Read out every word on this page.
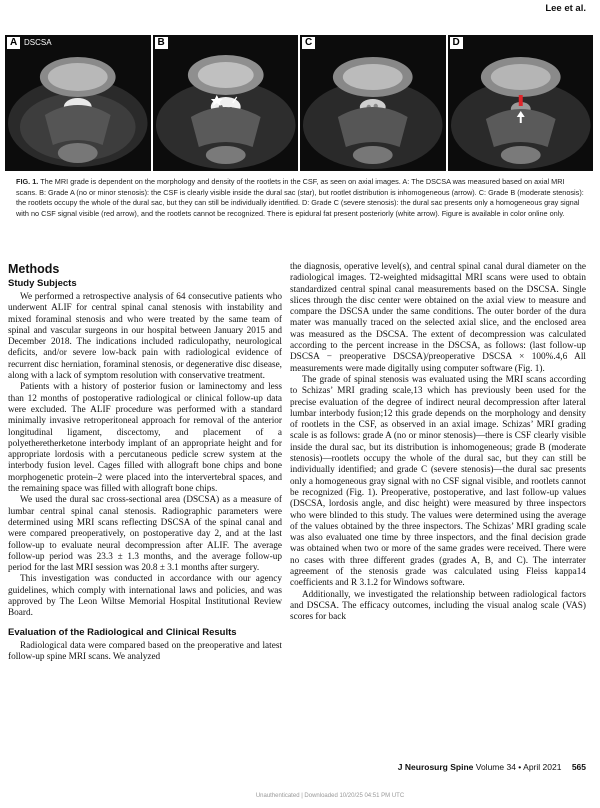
Lee et al.
A DSCSA	B	C	D
FIG. 1. The MRI grade is dependent on the morphology and density of the rootlets in the CSF, as seen on axial images. A: The DSCSA was measured based on axial MRI scans. B: Grade A (no or minor stenosis): the CSF is clearly visible inside the dural sac (star), but rootlet distribution is inhomogeneous (arrow). C: Grade B (moderate stenosis): the rootlets occupy the whole of the dural sac, but they can still be individually identified. D: Grade C (severe stenosis): the dural sac presents only a homogeneous gray signal with no CSF signal visible (red arrow), and the rootlets cannot be recognized. There is epidural fat present posteriorly (white arrow). Figure is available in color online only.
Methods
Study Subjects

We performed a retrospective analysis of 64 consecutive patients who underwent ALIF for central spinal canal stenosis with instability and mixed foraminal stenosis and who were treated by the same team of spinal and vascular surgeons in our hospital between January 2015 and December 2018. The indications included radiculopathy, neurological deficits, and/or severe low-back pain with radiological evidence of recurrent disc herniation, foraminal stenosis, or degenerative disc disease, along with a lack of symptom resolution with conservative treatment.

Patients with a history of posterior fusion or laminectomy and less than 12 months of postoperative radiological or clinical follow-up data were excluded. The ALIF procedure was performed with a standard minimally invasive retroperitoneal approach for removal of the anterior longitudinal ligament, discectomy, and placement of a polyetheretherketone interbody implant of an appropriate height and for appropriate lordosis with a percutaneous pedicle screw system at the interbody fusion level. Cages filled with allograft bone chips and bone morphogenetic protein–2 were placed into the intervertebral spaces, and the remaining space was filled with allograft bone chips.

We used the dural sac cross-sectional area (DSCSA) as a measure of lumbar central spinal canal stenosis. Radiographic parameters were determined using MRI scans reflecting DSCSA of the spinal canal and were compared preoperatively, on postoperative day 2, and at the last follow-up to evaluate neural decompression after ALIF. The average follow-up period was 23.3 ± 1.3 months, and the average follow-up period for the last MRI session was 20.8 ± 3.1 months after surgery.

This investigation was conducted in accordance with our agency guidelines, which comply with international laws and policies, and was approved by The Leon Wiltse Memorial Hospital Institutional Review Board.

Evaluation of the Radiological and Clinical Results

Radiological data were compared based on the preoperative and latest follow-up spine MRI scans. We analyzed

the diagnosis, operative level(s), and central spinal canal dural diameter on the radiological images. T2-weighted midsagittal MRI scans were used to obtain standardized central spinal canal measurements based on the DSCSA. Single slices through the disc center were obtained on the axial view to measure and compare the DSCSA under the same conditions. The outer border of the dura mater was manually traced on the selected axial slice, and the enclosed area was measured as the DSCSA. The extent of decompression was calculated according to the percent increase in the DSCSA, as follows: (last follow-up DSCSA − preoperative DSCSA)/preoperative DSCSA × 100%.4,6 All measurements were made digitally using computer software (Fig. 1).

The grade of spinal stenosis was evaluated using the MRI scans according to Schizas’ MRI grading scale,13 which has previously been used for the precise evaluation of the degree of indirect neural decompression after lateral lumbar interbody fusion;12 this grade depends on the morphology and density of rootlets in the CSF, as observed in an axial image. Schizas’ MRI grading scale is as follows: grade A (no or minor stenosis)—there is CSF clearly visible inside the dural sac, but its distribution is inhomogeneous; grade B (moderate stenosis)—rootlets occupy the whole of the dural sac, but they can still be individually identified; and grade C (severe stenosis)—the dural sac presents only a homogeneous gray signal with no CSF signal visible, and rootlets cannot be recognized (Fig. 1). Preoperative, postoperative, and last follow-up values (DSCSA, lordosis angle, and disc height) were measured by three inspectors who were blinded to this study. The values were determined using the average of the values obtained by the three inspectors. The Schizas’ MRI grading scale was also evaluated one time by three inspectors, and the final decision grade was obtained when two or more of the same grades were received. There were no cases with three different grades (grades A, B, and C). The interrater agreement of the stenosis grade was calculated using Fleiss kappa14 coefficients and R 3.1.2 for Windows software.

Additionally, we investigated the relationship between radiological factors and DSCSA. The efficacy outcomes, including the visual analog scale (VAS) scores for back

J Neurosurg Spine Volume 34 • April 2021 565
Unauthenticated | Downloaded 10/20/25 04:51 PM UTC
